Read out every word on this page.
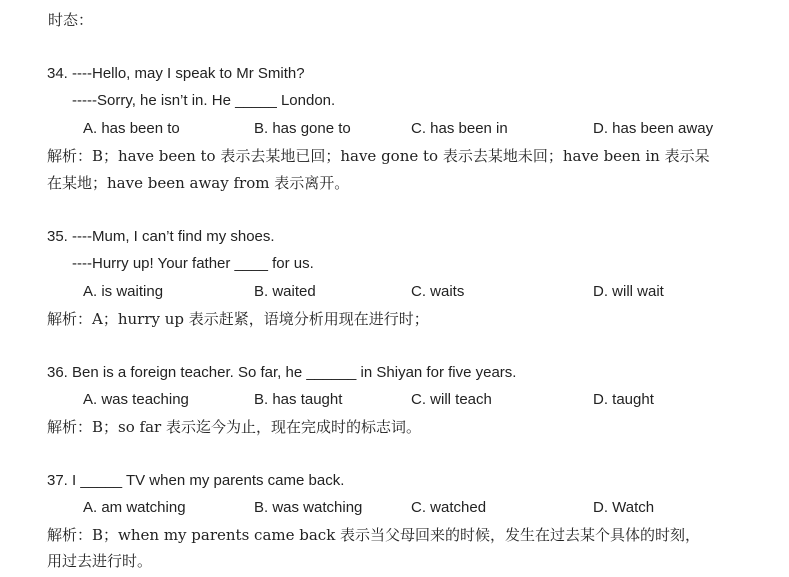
时态：
34. ----Hello, may I speak to Mr Smith?
-----Sorry, he isn’t in. He _____ London.
A. has been to	B. has gone to	C. has been in	D. has been away
解析：B；have been to 表示去某地已回；have gone to 表示去某地未回；have been in 表示呆
在某地；have been away from 表示离开。
35. ----Mum, I can’t find my shoes.
----Hurry up! Your father ____ for us.
A. is waiting	B. waited	C. waits	D. will wait
解析：A；hurry up 表示赶紧，语境分析用现在进行时；
36. Ben is a foreign teacher. So far, he ______ in Shiyan for five years.
A. was teaching	B. has taught	C. will teach	D. taught
解析：B；so far 表示迄今为止，现在完成时的标志词。
37. I _____ TV when my parents came back.
A. am watching	B. was watching	C. watched	D. Watch
解析：B；when my parents came back 表示当父母回来的时候，发生在过去某个具体的时刻，
用过去进行时。
